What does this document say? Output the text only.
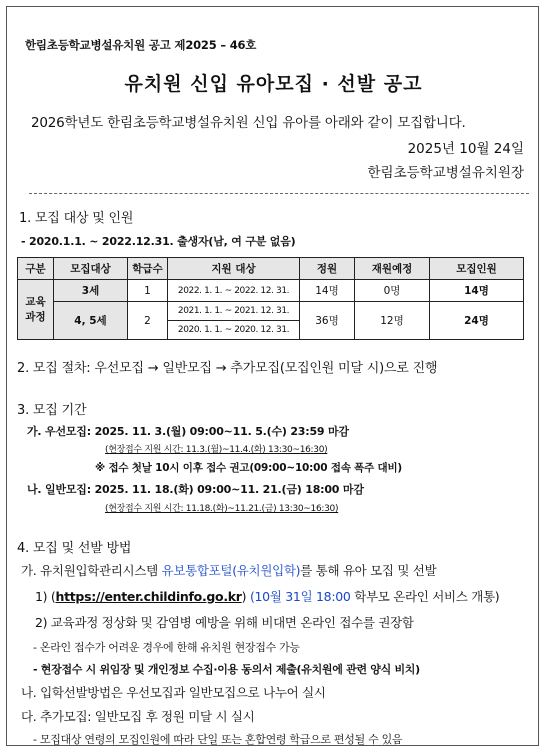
한림초등학교병설유치원 공고 제2025 – 46호
유치원 신입 유아모집 · 선발 공고
2026학년도 한림초등학교병설유치원 신입 유아를 아래와 같이 모집합니다.
2025년 10월 24일
한림초등학교병설유치원장
1. 모집 대상 및 인원
- 2020.1.1. ~ 2022.12.31. 출생자(남, 여 구분 없음)
구분	모집대상	학급수	지원 대상	정원	재원예정	모집인원
교육
과정	3세	1	2022. 1. 1. ~ 2022. 12. 31.	14명	0명	14명
	4, 5세	2	2021. 1. 1. ~ 2021. 12. 31.	36명	12명	24명
			2020. 1. 1. ~ 2020. 12. 31.			
2. 모집 절차: 우선모집 → 일반모집 → 추가모집(모집인원 미달 시)으로 진행
3. 모집 기간
가. 우선모집: 2025. 11. 3.(월) 09:00~11. 5.(수) 23:59 마감
(현장접수 지원 시간: 11.3.(월)~11.4.(화) 13:30~16:30)
※ 접수 첫날 10시 이후 접수 권고(09:00~10:00 접속 폭주 대비)
나. 일반모집: 2025. 11. 18.(화) 09:00~11. 21.(금) 18:00 마감
(현장접수 지원 시간: 11.18.(화)~11.21.(금) 13:30~16:30)
4. 모집 및 선발 방법
가. 유치원입학관리시스템 유보통합포털(유치원입학)를 통해 유아 모집 및 선발
1) (https://enter.childinfo.go.kr) (10월 31일 18:00 학부모 온라인 서비스 개통)
2) 교육과정 정상화 및 감염병 예방을 위해 비대면 온라인 접수를 권장함
- 온라인 접수가 어려운 경우에 한해 유치원 현장접수 가능
- 현장접수 시 위임장 및 개인정보 수집·이용 동의서 제출(유치원에 관련 양식 비치)
나. 입학선발방법은 우선모집과 일반모집으로 나누어 실시
다. 추가모집: 일반모집 후 정원 미달 시 실시
- 모집대상 연령의 모집인원에 따라 단일 또는 혼합연령 학급으로 편성될 수 있음
